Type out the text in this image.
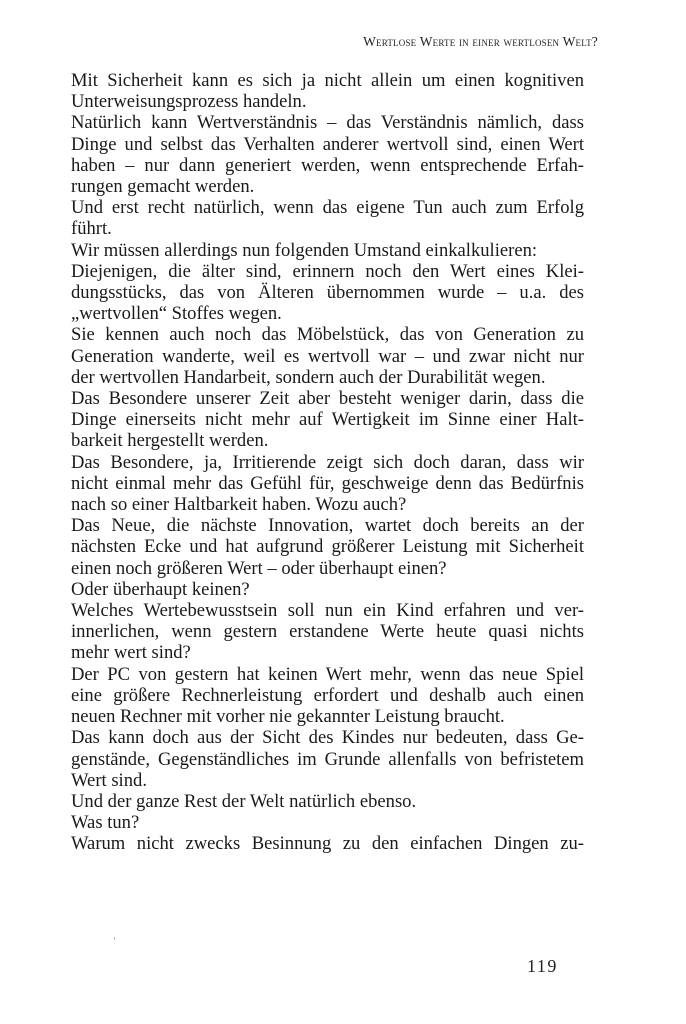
Wertlose Werte in einer wertlosen Welt?

Mit Sicherheit kann es sich ja nicht allein um einen kognitiven
Unterweisungsprozess handeln.

Natürlich kann Wertverständnis – das Verständnis nämlich, dass
Dinge und selbst das Verhalten anderer wertvoll sind, einen Wert
haben – nur dann generiert werden, wenn entsprechende Erfah-
rungen gemacht werden.

Und erst recht natürlich, wenn das eigene Tun auch zum Erfolg
führt.

Wir müssen allerdings nun folgenden Umstand einkalkulieren:

Diejenigen, die älter sind, erinnern noch den Wert eines Klei-
dungsstücks, das von Älteren übernommen wurde – u.a. des
„wertvollen“ Stoffes wegen.

Sie kennen auch noch das Möbelstück, das von Generation zu
Generation wanderte, weil es wertvoll war – und zwar nicht nur
der wertvollen Handarbeit, sondern auch der Durabilität wegen.

Das Besondere unserer Zeit aber besteht weniger darin, dass die
Dinge einerseits nicht mehr auf Wertigkeit im Sinne einer Halt-
barkeit hergestellt werden.

Das Besondere, ja, Irritierende zeigt sich doch daran, dass wir
nicht einmal mehr das Gefühl für, geschweige denn das Bedürfnis
nach so einer Haltbarkeit haben. Wozu auch?

Das Neue, die nächste Innovation, wartet doch bereits an der
nächsten Ecke und hat aufgrund größerer Leistung mit Sicherheit
einen noch größeren Wert – oder überhaupt einen?

Oder überhaupt keinen?

Welches Wertebewusstsein soll nun ein Kind erfahren und ver-
innerlichen, wenn gestern erstandene Werte heute quasi nichts
mehr wert sind?

Der PC von gestern hat keinen Wert mehr, wenn das neue Spiel
eine größere Rechnerleistung erfordert und deshalb auch einen
neuen Rechner mit vorher nie gekannter Leistung braucht.

Das kann doch aus der Sicht des Kindes nur bedeuten, dass Ge-
genstände, Gegenständliches im Grunde allenfalls von befristetem
Wert sind.

Und der ganze Rest der Welt natürlich ebenso.

Was tun?

Warum nicht zwecks Besinnung zu den einfachen Dingen zu-

119
